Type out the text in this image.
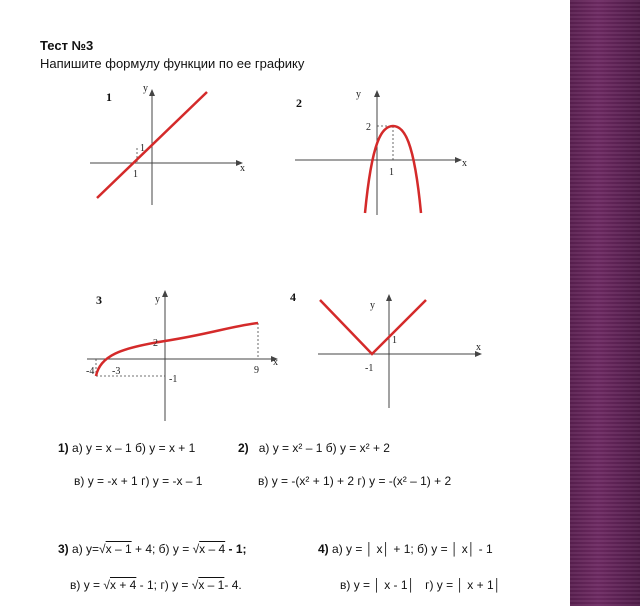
Тест №3
Напишите формулу функции по ее графику
1
y
x
1
1
2
y
x
2
1
3	y
x
2
-4 -3
-1
9
4
y
x
1
-1
1) а) y = x – 1 б) y = x + 1	2) а) y = x² – 1 б) y = x² + 2
в) y = -x + 1 г) y = -x – 1	в) y = -(x² + 1) + 2 г) y = -(x² – 1) + 2
3) а) y=√x – 1 + 4; б) y = √x – 4 - 1;	4) а) y = │ x│ + 1; б) y = │ x│ - 1
в) y = √x + 4 - 1; г) y = √x – 1- 4.	в) y = │ x - 1│ г) y = │ x + 1│
